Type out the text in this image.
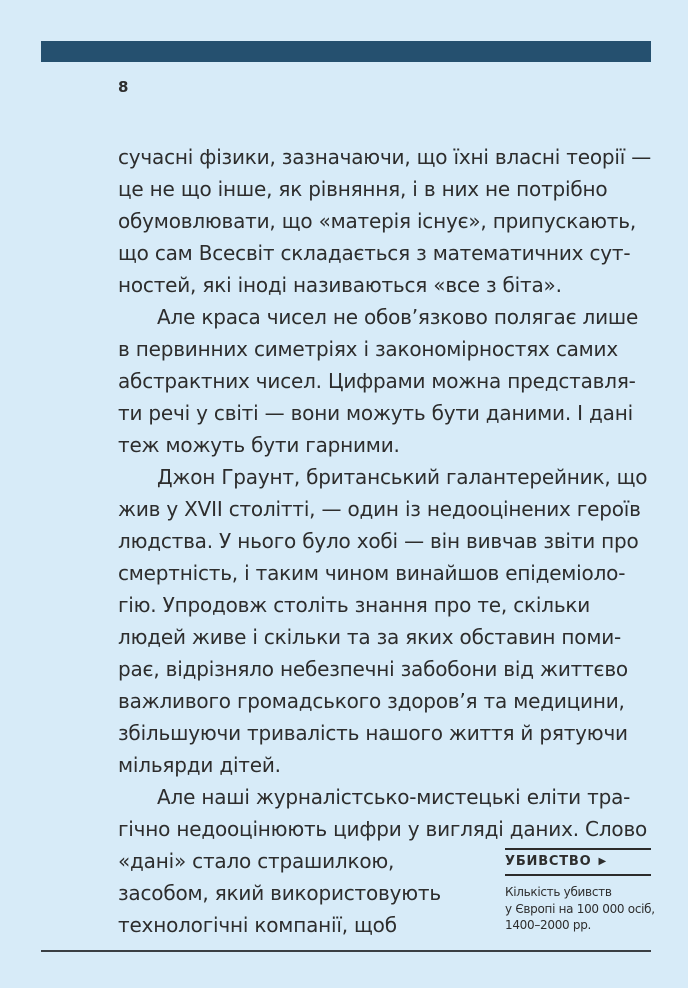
8
сучасні фізики, зазначаючи, що їхні власні теорії —
це не що інше, як рівняння, і в них не потрібно
обумовлювати, що «матерія існує», припускають,
що сам Всесвіт складається з математичних сут-
ностей, які іноді називаються «все з біта».
Але краса чисел не обов’язково полягає лише
в первинних симетріях і закономірностях самих
абстрактних чисел. Цифрами можна представля-
ти речі у світі — вони можуть бути даними. І дані
теж можуть бути гарними.
Джон Граунт, британський галантерейник, що
жив у XVII столітті, — один із недооцінених героїв
людства. У нього було хобі — він вивчав звіти про
смертність, і таким чином винайшов епідеміоло-
гію. Упродовж століть знання про те, скільки
людей живе і скільки та за яких обставин поми-
рає, відрізняло небезпечні забобони від життєво
важливого громадського здоров’я та медицини,
збільшуючи тривалість нашого життя й рятуючи
мільярди дітей.
Але наші журналістсько-мистецькі еліти тра-
гічно недооцінюють цифри у вигляді даних. Слово
«дані» стало страшилкою,
засобом, який використовують
технологічні компанії, щоб
УБИВСТВО ▶
Кількість убивств
у Європі на 100 000 осіб,
1400–2000 рр.
